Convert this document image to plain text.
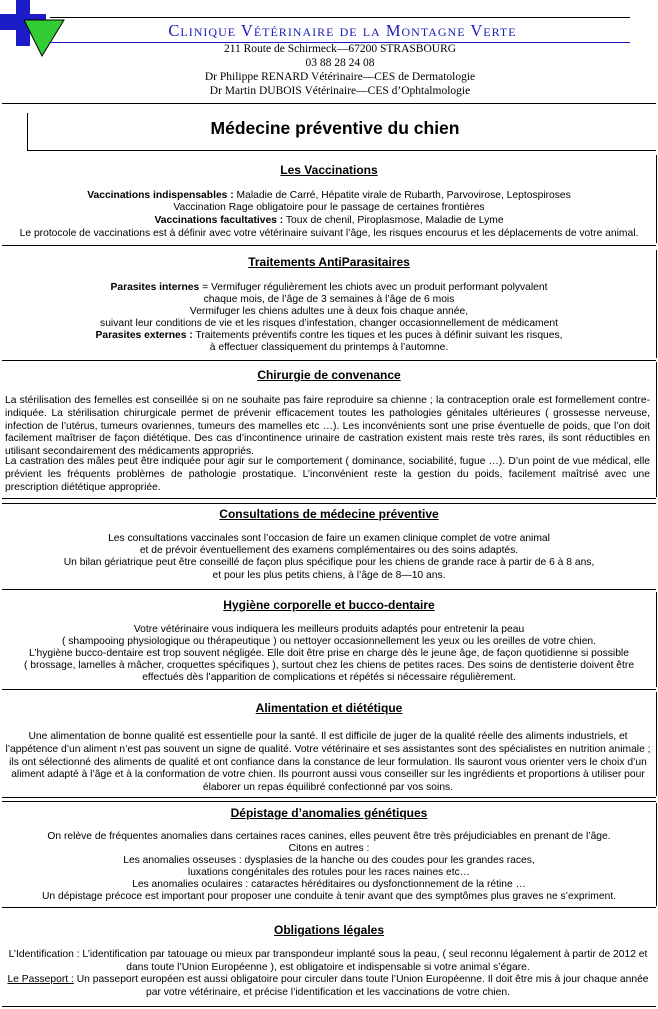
Clinique Vétérinaire de la Montagne Verte
211 Route de Schirmeck—67200 STRASBOURG
03 88 28 24 08
Dr Philippe RENARD Vétérinaire—CES de Dermatologie
Dr Martin DUBOIS Vétérinaire—CES d’Ophtalmologie
Médecine préventive du chien
Les Vaccinations
Vaccinations indispensables : Maladie de Carré, Hépatite virale de Rubarth, Parvovirose, Leptospiroses
Vaccination Rage obligatoire pour le passage de certaines frontières
Vaccinations facultatives : Toux de chenil, Piroplasmose, Maladie de Lyme
Le protocole de vaccinations est à définir avec votre vétérinaire suivant l’âge, les risques encourus et les déplacements de votre animal.
Traitements AntiParasitaires
Parasites internes = Vermifuger régulièrement les chiots avec un produit performant polyvalent
chaque mois, de l’âge de 3 semaines à l’âge de 6 mois
Vermifuger les chiens adultes une à deux fois chaque année,
suivant leur conditions de vie et les risques d’infestation, changer occasionnellement de médicament
Parasites externes : Traitements préventifs contre les tiques et les puces à définir suivant les risques,
à effectuer classiquement du printemps à l’automne.
Chirurgie de convenance
La stérilisation des femelles est conseillée si on ne souhaite pas faire reproduire sa chienne ; la contraception orale est formellement contre-indiquée. La stérilisation chirurgicale permet de prévenir efficacement toutes les pathologies génitales ultérieures ( grossesse nerveuse, infection de l’utérus, tumeurs ovariennes, tumeurs des mamelles etc …). Les inconvénients sont une prise éventuelle de poids, que l’on doit facilement maîtriser de façon diététique. Des cas d’incontinence urinaire de castration existent mais reste très rares, ils sont réductibles en utilisant secondairement des médicaments appropriés.
La castration des mâles peut être indiquée pour agir sur le comportement ( dominance, sociabilité, fugue …). D’un point de vue médical, elle prévient les fréquents problèmes de pathologie prostatique. L’inconvénient reste la gestion du poids, facilement maîtrisé avec une prescription diététique appropriée.
Consultations de médecine préventive
Les consultations vaccinales sont l’occasion de faire un examen clinique complet de votre animal
et de prévoir éventuellement des examens complémentaires ou des soins adaptés.
Un bilan gériatrique peut être conseillé de façon plus spécifique pour les chiens de grande race à partir de 6 à 8 ans,
et pour les plus petits chiens, à l’âge de 8—10 ans.
Hygiène corporelle et bucco-dentaire
Votre vétérinaire vous indiquera les meilleurs produits adaptés pour entretenir la peau
( shampooing physiologique ou thérapeutique ) ou nettoyer occasionnellement les yeux ou les oreilles de votre chien.
L’hygiène bucco-dentaire est trop souvent négligée. Elle doit être prise en charge dès le jeune âge, de façon quotidienne si possible
( brossage, lamelles à mâcher, croquettes spécifiques ), surtout chez les chiens de petites races. Des soins de dentisterie doivent être
effectués dès l’apparition de complications et répétés si nécessaire régulièrement.
Alimentation et diététique
Une alimentation de bonne qualité est essentielle pour la santé. Il est difficile de juger de la qualité réelle des aliments industriels, et l’appétence d’un aliment n’est pas souvent un signe de qualité. Votre vétérinaire et ses assistantes sont des spécialistes en nutrition animale ; ils ont sélectionné des aliments de qualité et ont confiance dans la constance de leur formulation. Ils sauront vous orienter vers le choix d’un aliment adapté à l’âge et à la conformation de votre chien. Ils pourront aussi vous conseiller sur les ingrédients et proportions à utiliser pour élaborer un repas équilibré confectionné par vos soins.
Dépistage d’anomalies génétiques
On relève de fréquentes anomalies dans certaines races canines, elles peuvent être très préjudiciables en prenant de l’âge.
Citons en autres :
Les anomalies osseuses : dysplasies de la hanche ou des coudes pour les grandes races,
luxations congénitales des rotules pour les races naines etc…
Les anomalies oculaires : cataractes héréditaires ou dysfonctionnement de la rétine …
Un dépistage précoce est important pour proposer une conduite à tenir avant que des symptômes plus graves ne s’expriment.
Obligations légales
L’Identification : L’identification par tatouage ou mieux par transpondeur implanté sous la peau, ( seul reconnu légalement à partir de 2012 et dans toute l’Union Européenne ), est obligatoire et indispensable si votre animal s’égare.
Le Passeport : Un passeport européen est aussi obligatoire pour circuler dans toute l’Union Européenne. Il doit être mis à jour chaque année par votre vétérinaire, et précise l’identification et les vaccinations de votre chien.
